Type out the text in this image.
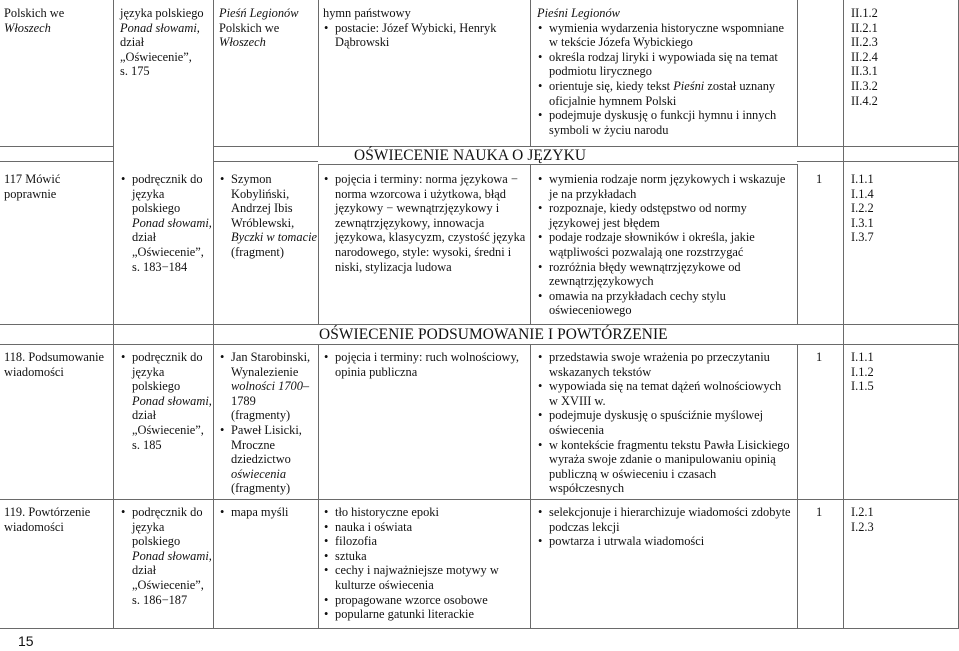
OŚWIECENIE NAUKA O JĘZYKU
OŚWIECENIE PODSUMOWANIE I POWTÓRZENIE
Polskich we
Włoszech
języka polskiego
Ponad słowami,
dział
„Oświecenie”,
s. 175
Pieśń Legionów
Polskich we
Włoszech
hymn państwowy
• postacie: Józef Wybicki, Henryk Dąbrowski
Pieśni Legionów
• wymienia wydarzenia historyczne wspomniane w tekście Józefa Wybickiego
• określa rodzaj liryki i wypowiada się na temat podmiotu lirycznego
• orientuje się, kiedy tekst Pieśni został uznany oficjalnie hymnem Polski
• podejmuje dyskusję o funkcji hymnu i innych symboli w życiu narodu
II.1.2
II.2.1
II.2.3
II.2.4
II.3.1
II.3.2
II.4.2
117 Mówić
poprawnie
• podręcznik do
języka polskiego
Ponad słowami,
dział
„Oświecenie”,
s. 183−184
• Szymon
Kobyliński,
Andrzej Ibis
Wróblewski,
Byczki w tomacie
(fragment)
• pojęcia i terminy: norma językowa − norma wzorcowa i użytkowa, błąd językowy − wewnątrzjęzykowy i zewnątrzjęzykowy, innowacja językowa, klasycyzm, czystość języka narodowego, style: wysoki, średni i niski, stylizacja ludowa
• wymienia rodzaje norm językowych i wskazuje je na przykładach
• rozpoznaje, kiedy odstępstwo od normy językowej jest błędem
• podaje rodzaje słowników i określa, jakie wątpliwości pozwalają one rozstrzygać
• rozróżnia błędy wewnątrzjęzykowe od zewnątrzjęzykowych
• omawia na przykładach cechy stylu oświeceniowego
1	I.1.1
I.1.4
I.2.2
I.3.1
I.3.7
118. Podsumowanie
wiadomości
• podręcznik do
języka polskiego
Ponad słowami,
dział
„Oświecenie”,
s. 185
• Jan Starobinski,
Wynalezienie
wolności 1700–
1789 (fragmenty)
• Paweł Lisicki,
Mroczne
dziedzictwo
oświecenia
(fragmenty)
• pojęcia i terminy: ruch wolnościowy, opinia publiczna
• przedstawia swoje wrażenia po przeczytaniu wskazanych tekstów
• wypowiada się na temat dążeń wolnościowych w XVIII w.
• podejmuje dyskusję o spuściźnie myślowej oświecenia
• w kontekście fragmentu tekstu Pawła Lisickiego wyraża swoje zdanie o manipulowaniu opinią publiczną w oświeceniu i czasach współczesnych
1	I.1.1
I.1.2
I.1.5
119. Powtórzenie
wiadomości
• podręcznik do
języka polskiego
Ponad słowami,
dział
„Oświecenie”,
s. 186−187
• mapa myśli
•	tło historyczne epoki
• nauka i oświata
• filozofia
• sztuka
• cechy i najważniejsze motywy w kulturze oświecenia
• propagowane wzorce osobowe
• popularne gatunki literackie
• selekcjonuje i hierarchizuje wiadomości zdobyte podczas lekcji
• powtarza i utrwala wiadomości
1	I.2.1
I.2.3
15
